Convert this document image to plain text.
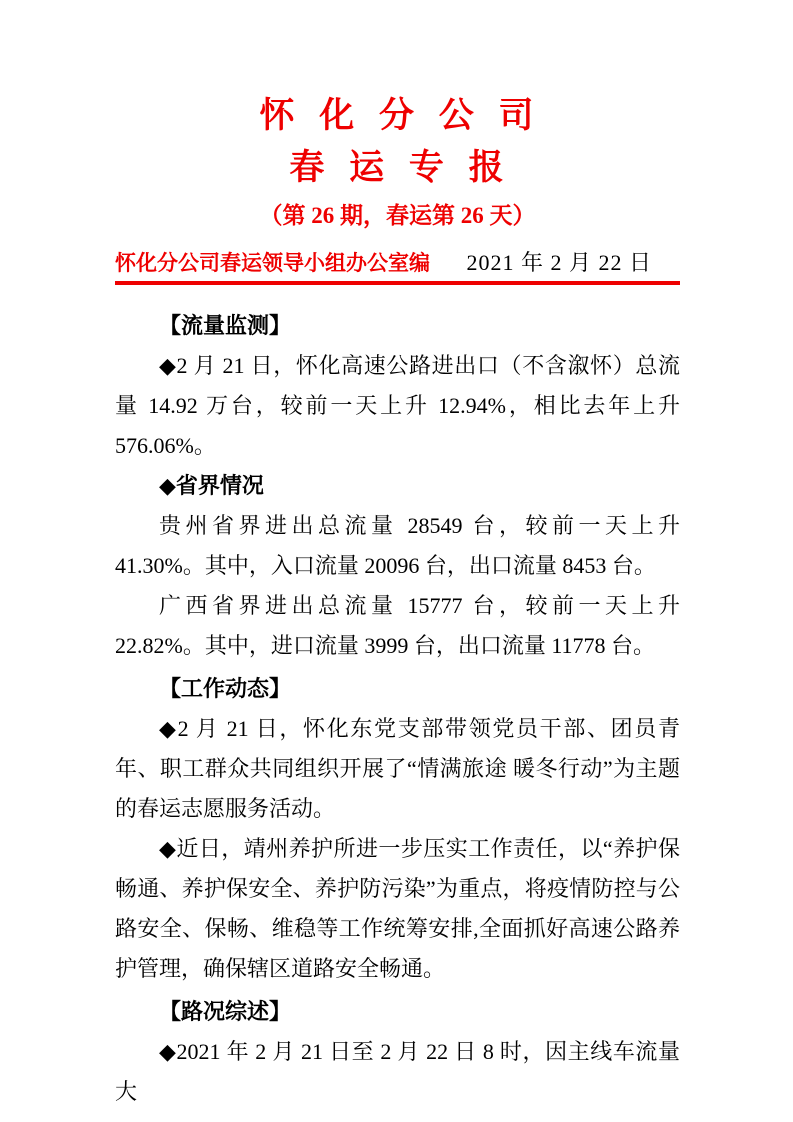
怀 化 分 公 司
春 运 专 报
（第 26 期，春运第 26 天）
怀化分公司春运领导小组办公室编 2021 年 2 月 22 日
【流量监测】

◆2 月 21 日，怀化高速公路进出口（不含溆怀）总流量 14.92 万台，较前一天上升 12.94%，相比去年上升 576.06%。

◆省界情况

贵州省界进出总流量 28549 台，较前一天上升 41.30%。其中，入口流量 20096 台，出口流量 8453 台。

广西省界进出总流量 15777 台，较前一天上升 22.82%。其中，进口流量 3999 台，出口流量 11778 台。

【工作动态】

◆2 月 21 日，怀化东党支部带领党员干部、团员青年、职工群众共同组织开展了“情满旅途 暖冬行动”为主题的春运志愿服务活动。

◆近日，靖州养护所进一步压实工作责任，以“养护保畅通、养护保安全、养护防污染”为重点，将疫情防控与公路安全、保畅、维稳等工作统筹安排,全面抓好高速公路养护管理，确保辖区道路安全畅通。

【路况综述】

◆2021 年 2 月 21 日至 2 月 22 日 8 时，因主线车流量大
